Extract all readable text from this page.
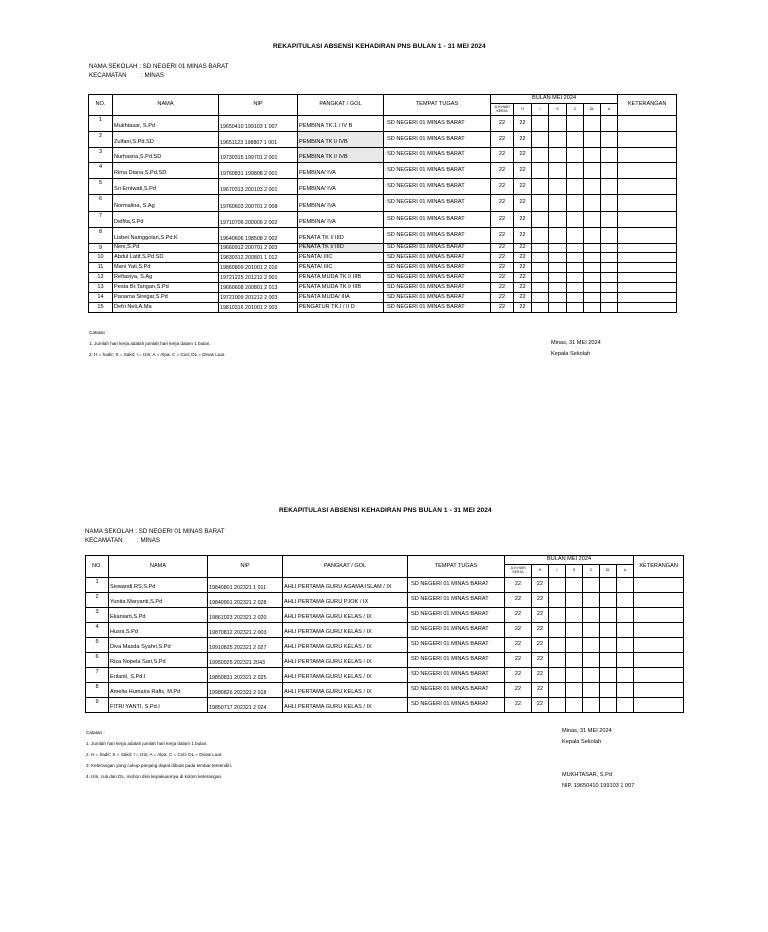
REKAPITULASI ABSENSI KEHADIRAN PNS BULAN 1 - 31 MEI 2024
NAMA SEKOLAH : SD NEGERI 01 MINAS BARAT
KECAMATAN : MINAS
NO.	NAMA	NIP	PANGKAT / GOL	TEMPAT TUGAS	BULAN MEI 2024							KETERANGAN
					JLH HARI KERJA	H	I	S	C	DL	A	
1	Mukhtasar, S.Pd	19650410 199103 1 007	PEMBINA TK.1 / IV B	SD NEGERI 01 MINAS BARAT	22	22						
2	Zulfani,S.Pd.SD	19651123 198807 1 001	PEMBINA TK I/ IVB	SD NEGERI 01 MINAS BARAT	22	22						
3	Nurhasna,S.Pd.SD	19730315 199701 2 001	PEMBINA TK I/ IVB	SD NEGERI 01 MINAS BARAT	22	22						
4	Rima Diana,S.Pd.SD	19760831 199808 2 001	PEMBINA/ IVA	SD NEGERI 01 MINAS BARAT	22	22						
5	Sri Erniwati,S.Pd	19670313 200103 2 001	PEMBINA/ IVA	SD NEGERI 01 MINAS BARAT	22	22						
6	Normalina, S.Ag	19760603 200701 2 008	PEMBINA/ IVA	SD NEGERI 01 MINAS BARAT	22	22						
7	Delfita,S.Pd	19710706 200009 2 002	PEMBINA/ IVA	SD NEGERI 01 MINAS BARAT	22	22						
8	Lisbet Nainggolan,S.Pd.K	19640606 198508 2 002	PENATA TK I/ IIID	SD NEGERI 01 MINAS BARAT	22	22						
9	Neni,S.Pd	19660912 200701 2 003	PENATA TK I/ IIID	SD NEGERI 01 MINAS BARAT	22	22						
10	Abdul Latif,S.Pd.SD	19830312 200801 1 012	PENATA/ IIIC	SD NEGERI 01 MINAS BARAT	22	22						
11	Mani Yati,S.Pd	19860809 201001 2 016	PENATA/ IIIC	SD NEGERI 01 MINAS BARAT	22	22						
12	Refiasiya, S.Ag	19721225 201212 2 001	PENATA MUDA TK I/ IIIB	SD NEGERI 01 MINAS BARAT	22	22						
13	Pesta Br.Tarigan,S.Pd	19660608 200801 2 013	PENATA MUDA TK I/ IIIB	SD NEGERI 01 MINAS BARAT	22	22						
14	Panama Siregar,S.Pd	19721009 201212 2 003	PENATA MUDA/ IIIA	SD NEGERI 01 MINAS BARAT	22	22						
15	Defri Neli,A.Ma	19810316 201001 2 003	PENGATUR TK.I / II D	SD NEGERI 01 MINAS BARAT	22	22						
Catatan :
1. Jumlah hari kerja adalah jumlah hari kerja dalam 1 bulan.
2. H = hadir; S = Sakit; I = Izin; A = Alpa; C = Cuti; DL = Dinas Luar.
Minas, 31 MEI 2024
Kepala Sekolah
REKAPITULASI ABSENSI KEHADIRAN PNS BULAN 1 - 31 MEI 2024
NAMA SEKOLAH : SD NEGERI 01 MINAS BARAT
KECAMATAN : MINAS
NO.	NAMA	NIP	PANGKAT / GOL	TEMPAT TUGAS	BULAN MEI 2024							KETERANGAN
					JLH HARI KERJA	H	I	S	C	DL	A	
1	Siswandi.RS,S.Pd	19840801 202321 1 011	AHLI PERTAMA GURU AGAMA ISLAM / IX	SD NEGERI 01 MINAS BARAT	22	22						
2	Yunita Maryanti,S.Pd	19840901 202321 2 028	AHLI PERTAMA GURU PJOK / IX	SD NEGERI 01 MINAS BARAT	22	22						
3	Ekaniarti,S.Pd	19861023 202321 2 020	AHLI PERTAMA GURU KELAS / IX	SD NEGERI 01 MINAS BARAT	22	22						
4	Husni,S.Pd	19870812 202321 2 003	AHLI PERTAMA GURU KELAS / IX	SD NEGERI 01 MINAS BARAT	22	22						
5	Diva Masda Syahri,S.Pd	19910825 202321 2 027	AHLI PERTAMA GURU KELAS / IX	SD NEGERI 01 MINAS BARAT	22	22						
6	Riza Nopela Sari,S.Pd	19950925 202321 2043	AHLI PERTAMA GURU KELAS / IX	SD NEGERI 01 MINAS BARAT	22	22						
7	Erilanti, S.Pd.I	19850831 202321 2 025	AHLI PERTAMA GURU KELAS / IX	SD NEGERI 01 MINAS BARAT	22	22						
8	Amelia Humaira Rafis, M.Pd	19980826 202321 2 018	AHLI PERTAMA GURU KELAS / IX	SD NEGERI 01 MINAS BARAT	22	22						
9	FITRI YANTI, S.Pd.I	19850717 202321 2 024	AHLI PERTAMA GURU KELAS / IX	SD NEGERI 01 MINAS BARAT	22	22						
Catatan :
1. Jumlah hari kerja adalah jumlah hari kerja dalam 1 bulan.
2. H = hadir; S = Sakit; I = Izin; A = Alpa; C = Cuti; DL = Dinas Luar.
3. Keterangan yang cukup panjang dapat dibuat pada lembar tersendiri.
4. Izin, cuti dan DL, mohon diisi kepakuannya di kolom keterangan.
Minas, 31 MEI 2024
Kepala Sekolah
MUKHTASAR, S.Pd
NIP. 19650410 199103 1 007
